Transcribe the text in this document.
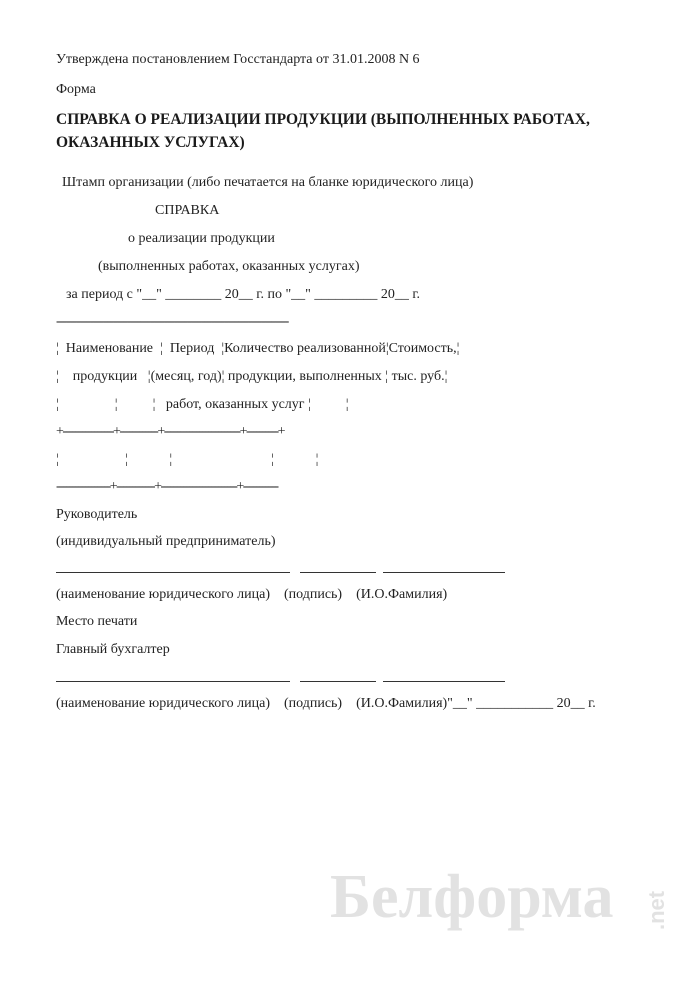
Утверждена постановлением Госстандарта от 31.01.2008 N 6
Форма
СПРАВКА О РЕАЛИЗАЦИИ ПРОДУКЦИИ (ВЫПОЛНЕННЫХ РАБОТАХ, ОКАЗАННЫХ УСЛУГАХ)
Штамп организации (либо печатается на бланке юридического лица)
СПРАВКА
о реализации продукции
(выполненных работах, оказанных услугах)
за период с "__" ________ 20__ г. по "__" _________ 20__ г.
---------------------------------------------------------------------
¦  Наименование  ¦  Период  ¦Количество реализованной¦Стоимость,¦
¦    продукции   ¦(месяц, год)¦ продукции, выполненных ¦ тыс. руб.¦
¦                ¦          ¦   работ, оказанных услуг ¦          ¦
+----------------+------------+------------------------+----------+
¦                ¦          ¦                        ¦          ¦
-----------------+------------+------------------------+-----------
Руководитель
(индивидуальный предприниматель)
(наименование юридического лица)    (подпись)    (И.О.Фамилия)
Место печати
Главный бухгалтер
(наименование юридического лица)    (подпись)    (И.О.Фамилия)"__" ___________ 20__ г.
Белформа .net
